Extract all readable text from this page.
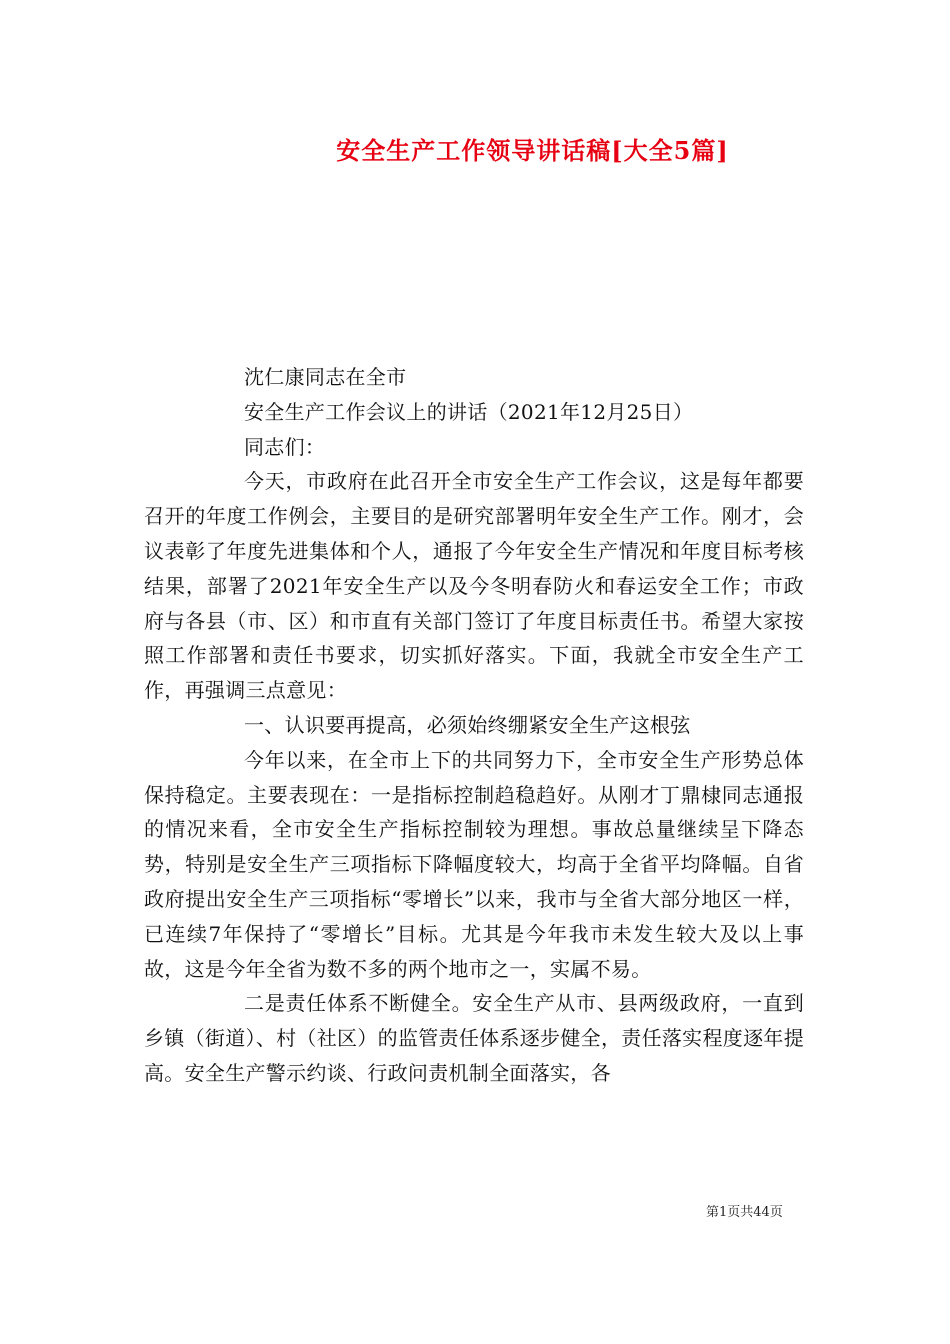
安全生产工作领导讲话稿[大全5篇]

沈仁康同志在全市

安全生产工作会议上的讲话（2021年12月25日）

同志们：

今天，市政府在此召开全市安全生产工作会议，这是每年都要召开的年度工作例会，主要目的是研究部署明年安全生产工作。刚才，会议表彰了年度先进集体和个人，通报了今年安全生产情况和年度目标考核结果，部署了2021年安全生产以及今冬明春防火和春运安全工作；市政府与各县（市、区）和市直有关部门签订了年度目标责任书。希望大家按照工作部署和责任书要求，切实抓好落实。下面，我就全市安全生产工作，再强调三点意见：

一、认识要再提高，必须始终绷紧安全生产这根弦

今年以来，在全市上下的共同努力下，全市安全生产形势总体保持稳定。主要表现在：一是指标控制趋稳趋好。从刚才丁鼎棣同志通报的情况来看，全市安全生产指标控制较为理想。事故总量继续呈下降态势，特别是安全生产三项指标下降幅度较大，均高于全省平均降幅。自省政府提出安全生产三项指标“零增长”以来，我市与全省大部分地区一样，已连续7年保持了“零增长”目标。尤其是今年我市未发生较大及以上事故，这是今年全省为数不多的两个地市之一，实属不易。

二是责任体系不断健全。安全生产从市、县两级政府，一直到乡镇（街道）、村（社区）的监管责任体系逐步健全，责任落实程度逐年提高。安全生产警示约谈、行政问责机制全面落实，各

第1页共44页
